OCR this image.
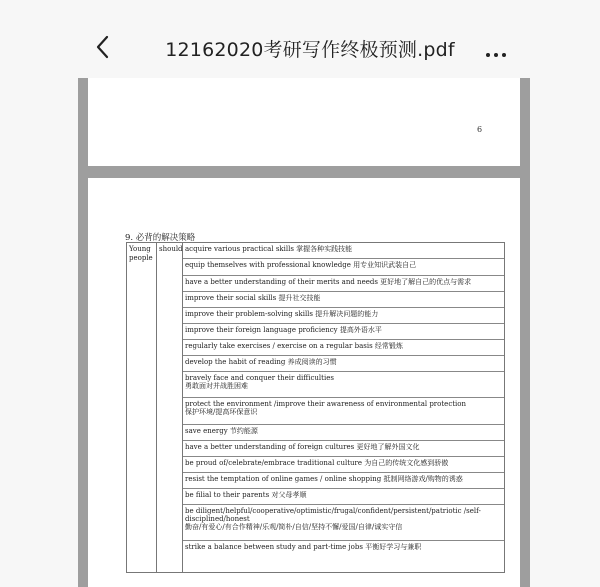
12162020考研写作终极预测.pdf
6
9. 必背的解决策略
Young people
should acquire various practical skills 掌握各种实践技能
equip themselves with professional knowledge 用专业知识武装自己
have a better understanding of their merits and needs 更好地了解自己的优点与需求
improve their social skills 提升社交技能
improve their problem-solving skills 提升解决问题的能力
improve their foreign language proficiency 提高外语水平
regularly take exercises / exercise on a regular basis 经常锻炼
develop the habit of reading 养成阅读的习惯
bravely face and conquer their difficulties
勇敢面对并战胜困难
protect the environment /improve their awareness of environmental protection
保护环境/提高环保意识
save energy 节约能源
have a better understanding of foreign cultures 更好地了解外国文化
be proud of/celebrate/embrace traditional culture 为自己的传统文化感到骄傲
resist the temptation of online games / online shopping 抵制网络游戏/购物的诱惑
be filial to their parents 对父母孝顺
be diligent/helpful/cooperative/optimistic/frugal/confident/persistent/patriotic /self-disciplined/honest
勤奋/有爱心/有合作精神/乐观/简朴/自信/坚持不懈/爱国/自律/诚实守信
strike a balance between study and part-time jobs 平衡好学习与兼职
